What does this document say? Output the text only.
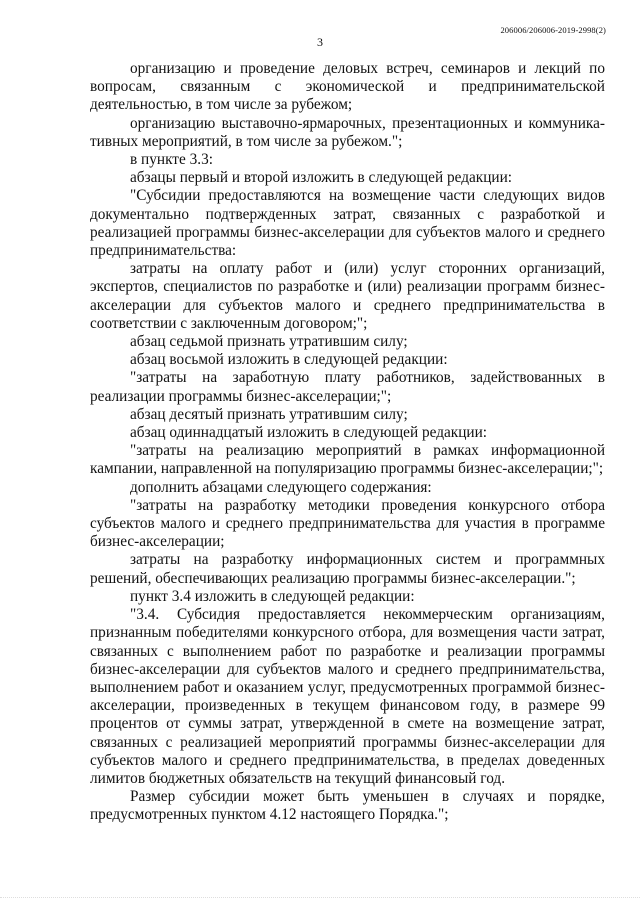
206006/206006-2019-2998(2)
3

организацию и проведение деловых встреч, семинаров и лекций по вопросам, связанным с экономической и предпринимательской деятельностью, в том числе за рубежом;

организацию выставочно-ярмарочных, презентационных и коммуникативных мероприятий, в том числе за рубежом.";

в пункте 3.3:

абзацы первый и второй изложить в следующей редакции:

"Субсидии предоставляются на возмещение части следующих видов документально подтвержденных затрат, связанных с разработкой и реализацией программы бизнес-акселерации для субъектов малого и среднего предпринимательства:

затраты на оплату работ и (или) услуг сторонних организаций, экспертов, специалистов по разработке и (или) реализации программ бизнес-акселерации для субъектов малого и среднего предпринимательства в соответствии с заключенным договором;";

абзац седьмой признать утратившим силу;

абзац восьмой изложить в следующей редакции:

"затраты на заработную плату работников, задействованных в реализации программы бизнес-акселерации;";

абзац десятый признать утратившим силу;

абзац одиннадцатый изложить в следующей редакции:

"затраты на реализацию мероприятий в рамках информационной кампании, направленной на популяризацию программы бизнес-акселерации;";

дополнить абзацами следующего содержания:

"затраты на разработку методики проведения конкурсного отбора субъектов малого и среднего предпринимательства для участия в программе бизнес-акселерации;

затраты на разработку информационных систем и программных решений, обеспечивающих реализацию программы бизнес-акселерации.";

пункт 3.4 изложить в следующей редакции:

"3.4. Субсидия предоставляется некоммерческим организациям, признанным победителями конкурсного отбора, для возмещения части затрат, связанных с выполнением работ по разработке и реализации программы бизнес-акселерации для субъектов малого и среднего предпринимательства, выполнением работ и оказанием услуг, предусмотренных программой бизнес-акселерации, произведенных в текущем финансовом году, в размере 99 процентов от суммы затрат, утвержденной в смете на возмещение затрат, связанных с реализацией мероприятий программы бизнес-акселерации для субъектов малого и среднего предпринимательства, в пределах доведенных лимитов бюджетных обязательств на текущий финансовый год.

Размер субсидии может быть уменьшен в случаях и порядке, предусмотренных пунктом 4.12 настоящего Порядка.";
